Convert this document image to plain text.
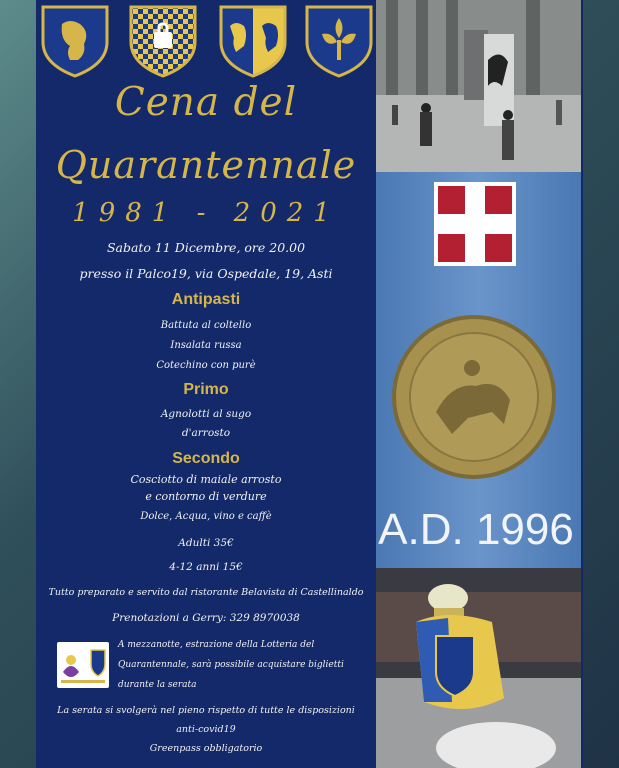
Cena del
Quarantennale
1981 - 2021
Sabato 11 Dicembre, ore 20.00
presso il Palco19, via Ospedale, 19, Asti
Antipasti
Battuta al coltello
Insalata russa
Cotechino con purè
Primo
Agnolotti al sugo
d'arrosto
Secondo
Cosciotto di maiale arrosto
e contorno di verdure
Dolce, Acqua, vino e caffè
Adulti 35€
4-12 anni 15€
Tutto preparato e servito dal ristorante Belavista di Castellinaldo
Prenotazioni a Gerry: 329 8970038
A mezzanotte, estrazione della Lotteria del
Quarantennale, sarà possibile acquistare biglietti
durante la serata
La serata si svolgerà nel pieno rispetto di tutte le disposizioni
anti-covid19
Greenpass obbligatorio
A.D. 1996
